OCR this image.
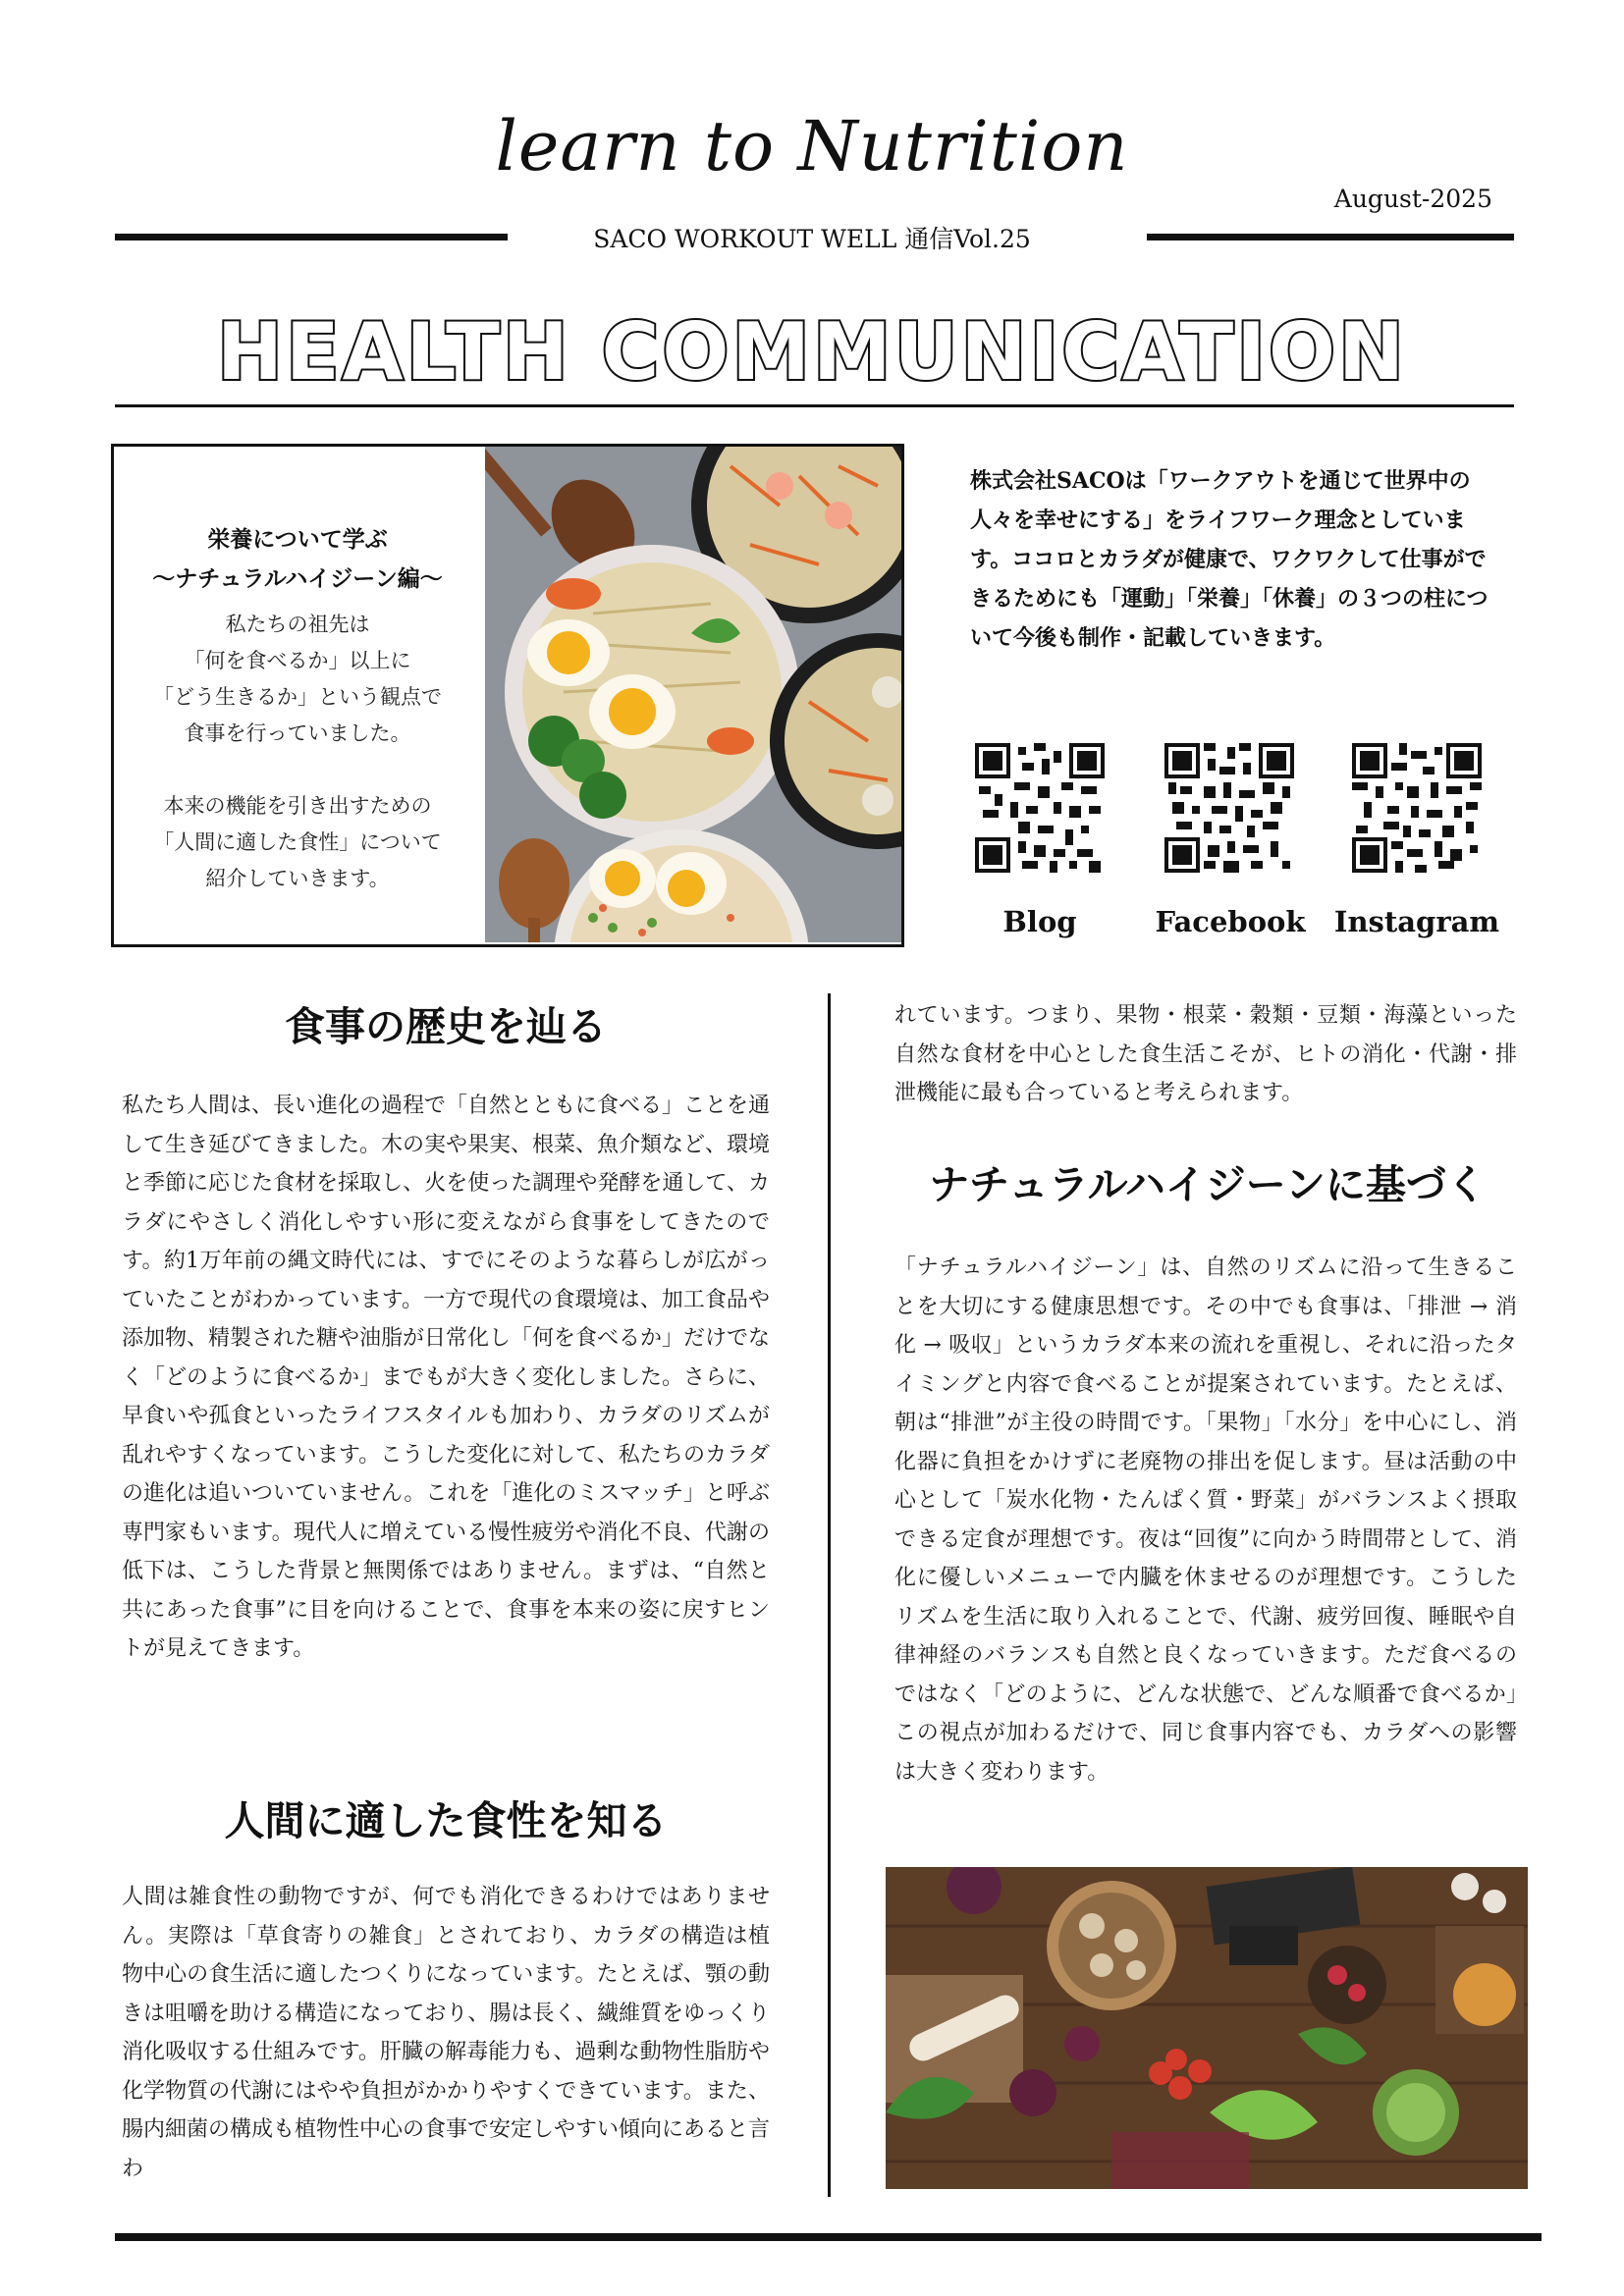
learn to Nutrition
August-2025
SACO WORKOUT WELL 通信Vol.25
HEALTH COMMUNICATION
栄養について学ぶ
〜ナチュラルハイジーン編〜
私たちの祖先は
「何を食べるか」以上に
「どう生きるか」という観点で
食事を行っていました。
本来の機能を引き出すための
「人間に適した食性」について
紹介していきます。
株式会社SACOは「ワークアウトを通じて世界中の人々を幸せにする」をライフワーク理念としています。ココロとカラダが健康で、ワクワクして仕事ができるためにも「運動」「栄養」「休養」の３つの柱について今後も制作・記載していきます。
Blog	Facebook	Instagram
食事の歴史を辿る
私たち人間は、長い進化の過程で「自然とともに食べる」ことを通して生き延びてきました。木の実や果実、根菜、魚介類など、環境と季節に応じた食材を採取し、火を使った調理や発酵を通して、カラダにやさしく消化しやすい形に変えながら食事をしてきたのです。約1万年前の縄文時代には、すでにそのような暮らしが広がっていたことがわかっています。一方で現代の食環境は、加工食品や添加物、精製された糖や油脂が日常化し「何を食べるか」だけでなく「どのように食べるか」までもが大きく変化しました。さらに、早食いや孤食といったライフスタイルも加わり、カラダのリズムが乱れやすくなっています。こうした変化に対して、私たちのカラダの進化は追いついていません。これを「進化のミスマッチ」と呼ぶ専門家もいます。現代人に増えている慢性疲労や消化不良、代謝の低下は、こうした背景と無関係ではありません。まずは、“自然と共にあった食事”に目を向けることで、食事を本来の姿に戻すヒントが見えてきます。
人間に適した食性を知る
人間は雑食性の動物ですが、何でも消化できるわけではありません。実際は「草食寄りの雑食」とされており、カラダの構造は植物中心の食生活に適したつくりになっています。たとえば、顎の動きは咀嚼を助ける構造になっており、腸は長く、繊維質をゆっくり消化吸収する仕組みです。肝臓の解毒能力も、過剰な動物性脂肪や化学物質の代謝にはやや負担がかかりやすくできています。また、腸内細菌の構成も植物性中心の食事で安定しやすい傾向にあると言わ
れています。つまり、果物・根菜・穀類・豆類・海藻といった自然な食材を中心とした食生活こそが、ヒトの消化・代謝・排泄機能に最も合っていると考えられます。
ナチュラルハイジーンに基づく
「ナチュラルハイジーン」は、自然のリズムに沿って生きることを大切にする健康思想です。その中でも食事は、「排泄 → 消化 → 吸収」というカラダ本来の流れを重視し、それに沿ったタイミングと内容で食べることが提案されています。たとえば、朝は“排泄”が主役の時間です。「果物」「水分」を中心にし、消化器に負担をかけずに老廃物の排出を促します。昼は活動の中心として「炭水化物・たんぱく質・野菜」がバランスよく摂取できる定食が理想です。夜は“回復”に向かう時間帯として、消化に優しいメニューで内臓を休ませるのが理想です。こうしたリズムを生活に取り入れることで、代謝、疲労回復、睡眠や自律神経のバランスも自然と良くなっていきます。ただ食べるのではなく「どのように、どんな状態で、どんな順番で食べるか」この視点が加わるだけで、同じ食事内容でも、カラダへの影響は大きく変わります。
